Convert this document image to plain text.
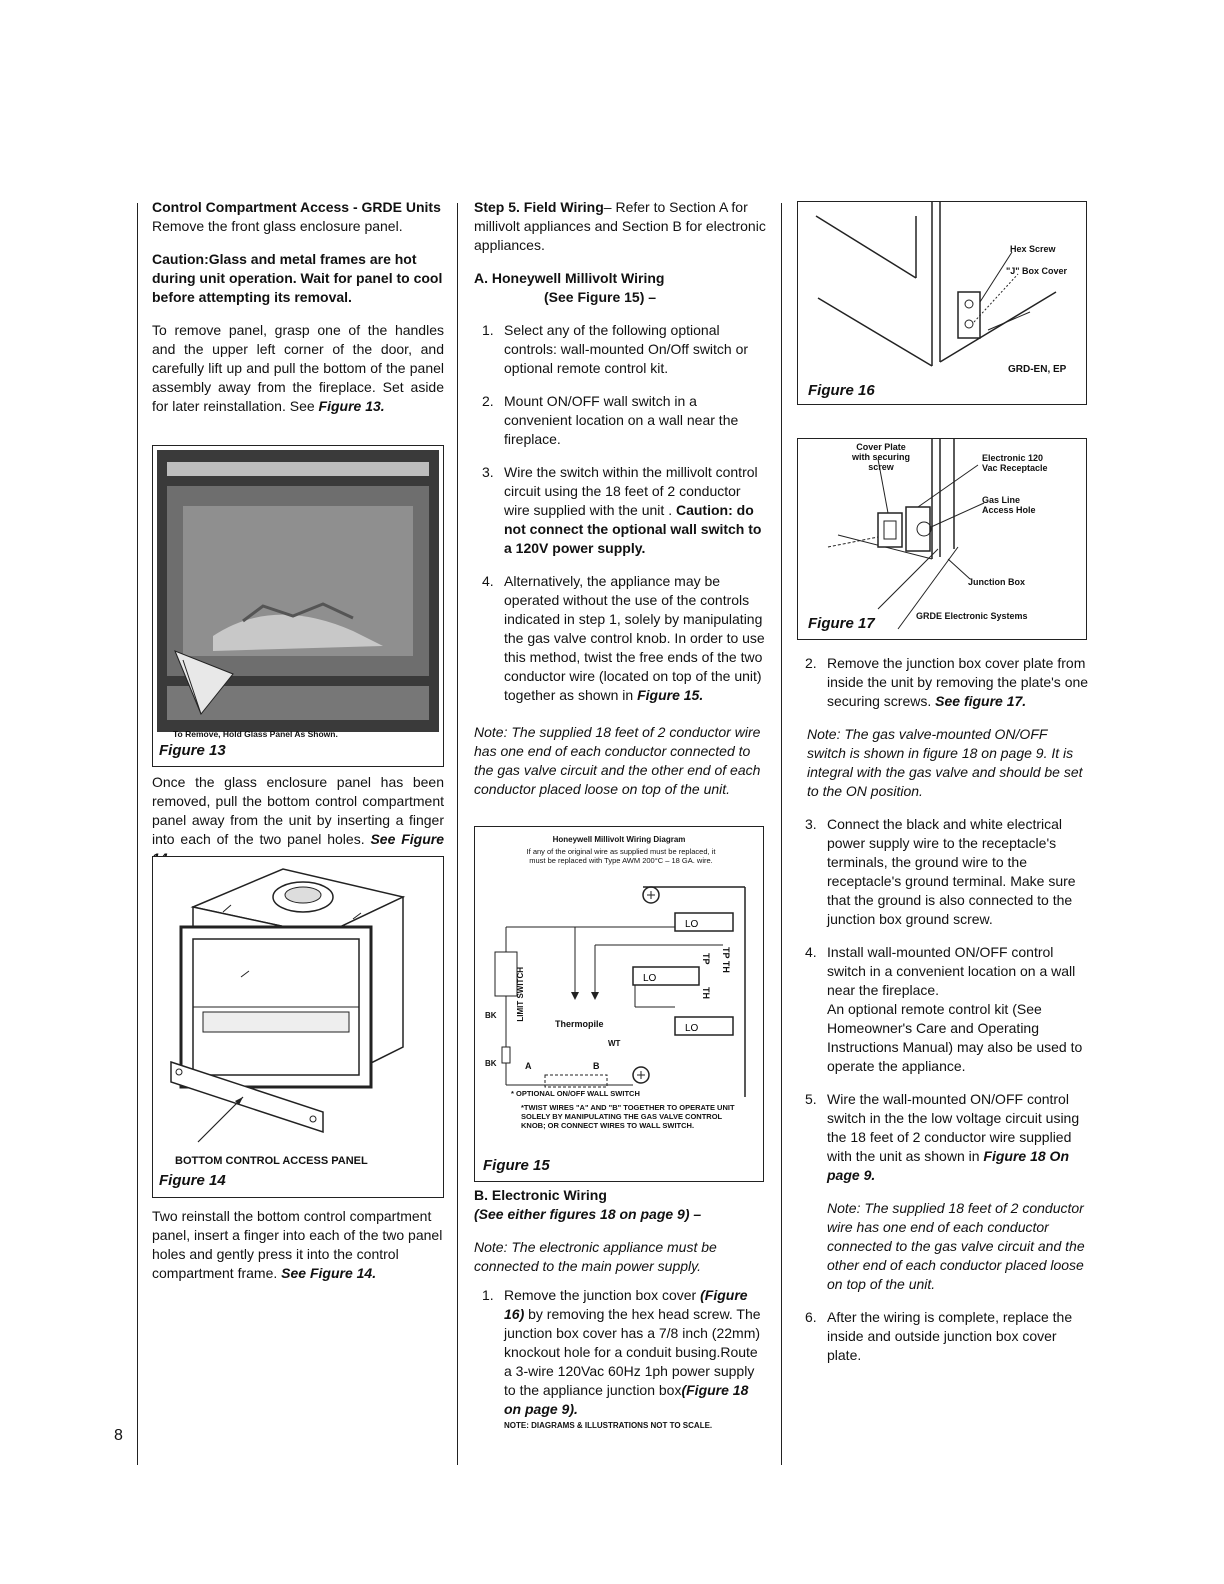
8

Control Compartment Access - GRDE Units

Remove the front glass enclosure panel.

Caution:Glass and metal frames are hot during unit operation. Wait for panel to cool before attempting its removal.

To remove panel, grasp one of the handles and the upper left corner of the door, and carefully lift up and pull the bottom of the panel assembly away from the fireplace. Set aside for later reinstallation. See Figure 13.

To Remove, Hold Glass Panel As Shown.
Figure 13

Once the glass enclosure panel has been removed, pull the bottom control compartment panel away from the unit by inserting a finger into each of the two panel holes. See Figure

BOTTOM CONTROL ACCESS PANEL
Figure 14

Two reinstall the bottom control compartment panel, insert a finger into each of the two panel holes and gently press it into the control compartment frame. See Figure 14.

Step 5. Field Wiring– Refer to Section A for millivolt appliances and Section B for electronic appliances.

A. Honeywell Millivolt Wiring

(See Figure 15) –

1. Select any of the following optional controls: wall-mounted On/Off switch or optional remote control kit.
2. Mount ON/OFF wall switch in a convenient location on a wall near the fireplace.
3. Wire the switch within the millivolt control circuit using the 18 feet of 2 conductor wire supplied with the unit . Caution: do not connect the optional wall switch to a 120V power supply.
4. Alternatively, the appliance may be operated without the use of the controls indicated in step 1, solely by manipulating the gas valve control knob. In order to use this method, twist the free ends of the two conductor wire (located on top of the unit) together as shown in Figure 15.

Note: The supplied 18 feet of 2 conductor wire has one end of each conductor connected to the gas valve circuit and the other end of each conductor placed loose on top of the unit.

Honeywell Millivolt Wiring Diagram
If any of the original wire as supplied must be replaced, it must be replaced with Type AWM 200°C – 18 GA. wire.
LO
LO
LO
LIMIT SWITCH
Thermopile
BK
BK
WT
A	B
TP
TH
TP TH
* OPTIONAL ON/OFF WALL SWITCH
*TWIST WIRES "A" AND "B" TOGETHER TO OPERATE UNIT SOLELY BY MANIPULATING THE GAS VALVE CONTROL KNOB; OR CONNECT WIRES TO WALL SWITCH.
Figure 15

B. Electronic Wiring

(See either figures 18 on page 9) –

Note: The electronic appliance must be connected to the main power supply.

1. Remove the junction box cover (Figure 16) by removing the hex head screw. The junction box cover has a 7/8 inch (22mm) knockout hole for a conduit busing.Route a 3-wire 120Vac 60Hz 1ph power supply to the appliance junction box(Figure 18 on page 9).

NOTE: DIAGRAMS & ILLUSTRATIONS NOT TO SCALE.

Hex Screw
"J" Box Cover
GRD-EN, EP
Figure 16
Cover Plate with securing screw
Electronic 120 Vac Receptacle
Gas Line Access Hole
Junction Box
GRDE Electronic Systems
Figure 17
2. Remove the junction box cover plate from inside the unit by removing the plate's one securing screws. See figure 17.

Note: The gas valve-mounted ON/OFF switch is shown in figure 18 on page 9. It is integral with the gas valve and should be set to the ON position.

3. Connect the black and white electrical power supply wire to the receptacle's terminals, the ground wire to the receptacle's ground terminal. Make sure that the ground is also connected to the junction box ground screw.
4. Install wall-mounted ON/OFF control switch in a convenient location on a wall near the fireplace.

An optional remote control kit (See Homeowner's Care and Operating Instructions Manual) may also be used to operate the appliance.

5. Wire the wall-mounted ON/OFF control switch in the the low voltage circuit using the 18 feet of 2 conductor wire supplied with the unit as shown in Figure 18 On page 9.

Note: The supplied 18 feet of 2 conductor wire has one end of each conductor connected to the gas valve circuit and the other end of each conductor placed loose on top of the unit.

6. After the wiring is complete, replace the inside and outside junction box cover plate.
